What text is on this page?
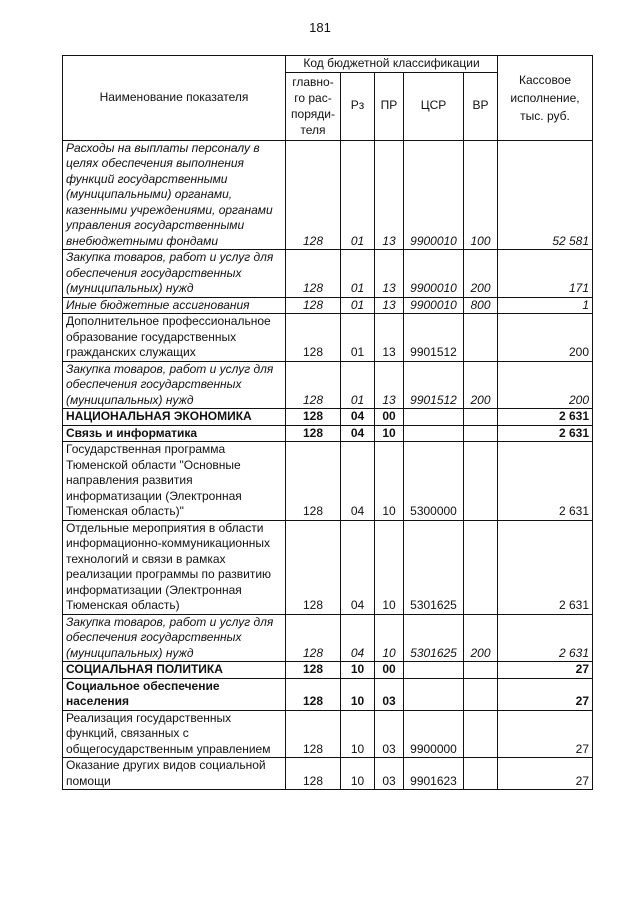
181
Наименование показателя	Код бюджетной классификации					Кассовое исполнение, тыс. руб.
	главно-
го рас-
поряди-
теля	Рз	ПР	ЦСР	ВР	
Расходы на выплаты персоналу в целях обеспечения выполнения функций государственными (муниципальными) органами, казенными учреждениями, органами управления государственными внебюджетными фондами	128	01	13	9900010	100	52 581
Закупка товаров, работ и услуг для обеспечения государственных (муниципальных) нужд	128	01	13	9900010	200	171
Иные бюджетные ассигнования	128	01	13	9900010	800	1
Дополнительное профессиональное образование государственных гражданских служащих	128	01	13	9901512		200
Закупка товаров, работ и услуг для обеспечения государственных (муниципальных) нужд	128	01	13	9901512	200	200
НАЦИОНАЛЬНАЯ ЭКОНОМИКА	128	04	00			2 631
Связь и информатика	128	04	10			2 631
Государственная программа Тюменской области "Основные направления развития информатизации (Электронная Тюменская область)"	128	04	10	5300000		2 631
Отдельные мероприятия в области информационно-коммуникационных технологий и связи в рамках реализации программы по развитию информатизации (Электронная Тюменская область)	128	04	10	5301625		2 631
Закупка товаров, работ и услуг для обеспечения государственных (муниципальных) нужд	128	04	10	5301625	200	2 631
СОЦИАЛЬНАЯ ПОЛИТИКА	128	10	00			27
Социальное обеспечение населения	128	10	03			27
Реализация государственных функций, связанных с общегосударственным управлением	128	10	03	9900000		27
Оказание других видов социальной помощи	128	10	03	9901623		27
